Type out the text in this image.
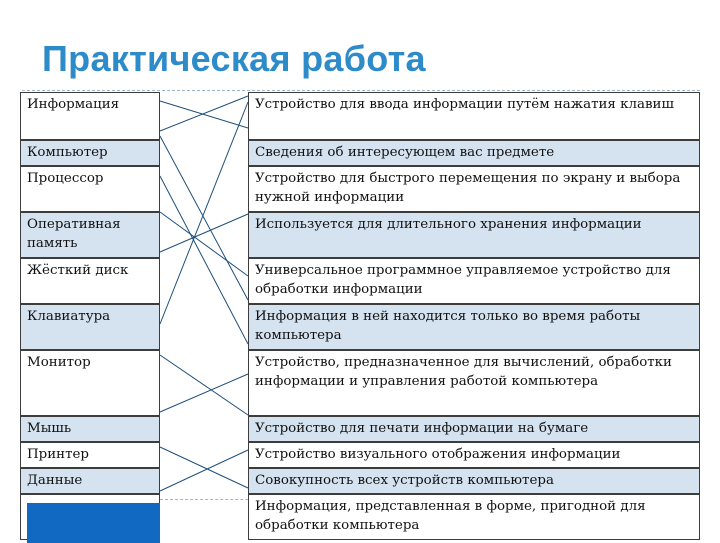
Практическая работа
Информация
Компьютер
Процессор
Оперативная память
Жёсткий диск
Клавиатура
Монитор
Мышь
Принтер
Данные
Устройство для ввода информации путём нажатия клавиш
Сведения об интересующем вас предмете
Устройство для быстрого перемещения по экрану и выбора нужной информации
Используется для длительного хранения информации
Универсальное программное управляемое устройство для обработки информации
Информация в ней находится только во время работы компьютера
Устройство, предназначенное для вычислений, обработки информации и управления работой компьютера
Устройство для печати информации на бумаге
Устройство визуального отображения информации
Совокупность всех устройств компьютера
Информация, представленная в форме, пригодной для обработки компьютера
